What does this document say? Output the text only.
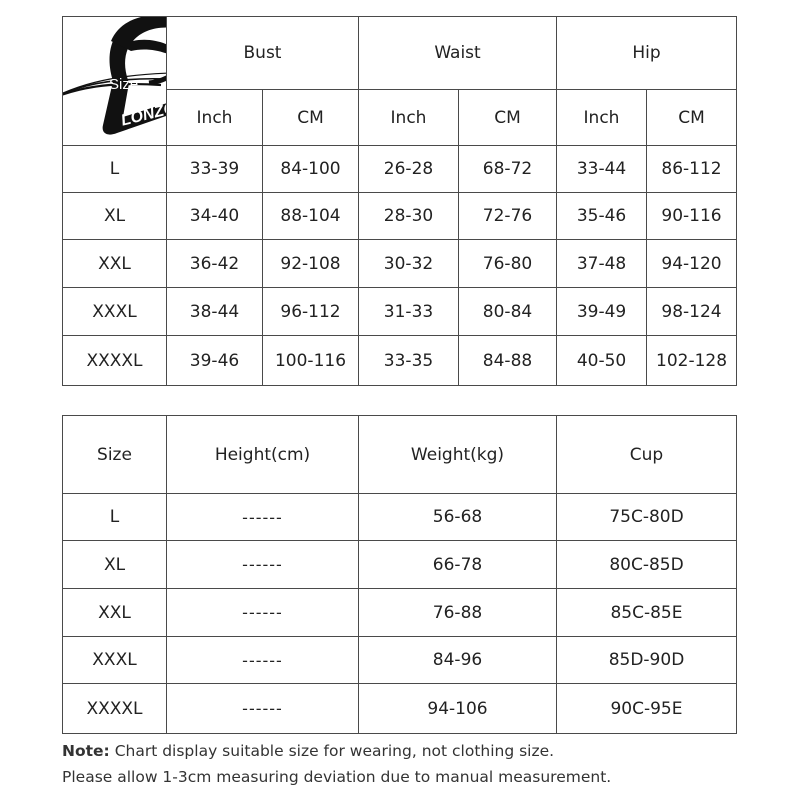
Size
LONZO	Bust		Waist		Hip	
	Inch	CM	Inch	CM	Inch	CM
L	33-39	84-100	26-28	68-72	33-44	86-112
XL	34-40	88-104	28-30	72-76	35-46	90-116
XXL	36-42	92-108	30-32	76-80	37-48	94-120
XXXL	38-44	96-112	31-33	80-84	39-49	98-124
XXXXL	39-46	100-116	33-35	84-88	40-50	102-128
Size	Height(cm)	Weight(kg)	Cup
L	------	56-68	75C-80D
XL	------	66-78	80C-85D
XXL	------	76-88	85C-85E
XXXL	------	84-96	85D-90D
XXXXL	------	94-106	90C-95E
Note: Chart display suitable size for wearing, not clothing size.
Please allow 1-3cm measuring deviation due to manual measurement.
